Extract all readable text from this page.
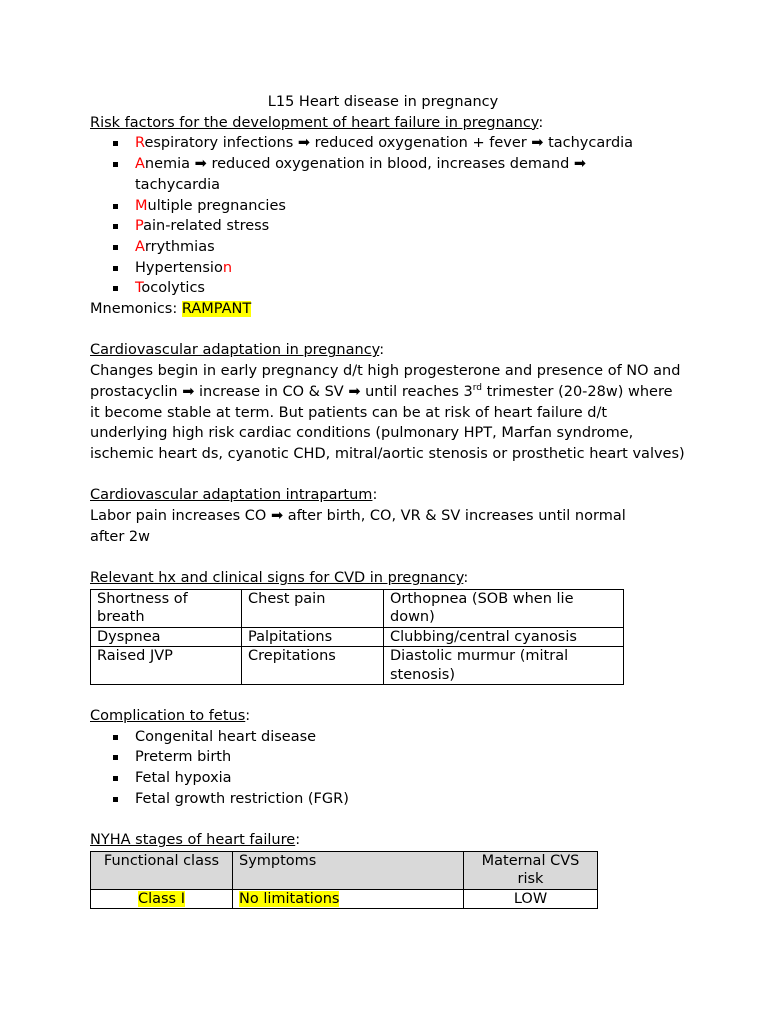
L15 Heart disease in pregnancy
Risk factors for the development of heart failure in pregnancy:
Respiratory infections ➡ reduced oxygenation + fever ➡ tachycardia
Anemia ➡ reduced oxygenation in blood, increases demand ➡ tachycardia
Multiple pregnancies
Pain-related stress
Arrythmias
Hypertension
Tocolytics
Mnemonics: RAMPANT
Cardiovascular adaptation in pregnancy:
Changes begin in early pregnancy d/t high progesterone and presence of NO and prostacyclin ➡ increase in CO & SV ➡ until reaches 3rd trimester (20-28w) where it become stable at term. But patients can be at risk of heart failure d/t underlying high risk cardiac conditions (pulmonary HPT, Marfan syndrome, ischemic heart ds, cyanotic CHD, mitral/aortic stenosis or prosthetic heart valves)
Cardiovascular adaptation intrapartum:
Labor pain increases CO ➡ after birth, CO, VR & SV increases until normal after 2w
Relevant hx and clinical signs for CVD in pregnancy:
Shortness of breath	Chest pain	Orthopnea (SOB when lie down)
Dyspnea	Palpitations	Clubbing/central cyanosis
Raised JVP	Crepitations	Diastolic murmur (mitral stenosis)
Complication to fetus:
Congenital heart disease
Preterm birth
Fetal hypoxia
Fetal growth restriction (FGR)
NYHA stages of heart failure:
Functional class	Symptoms	Maternal CVS risk
Class I	No limitations	LOW
